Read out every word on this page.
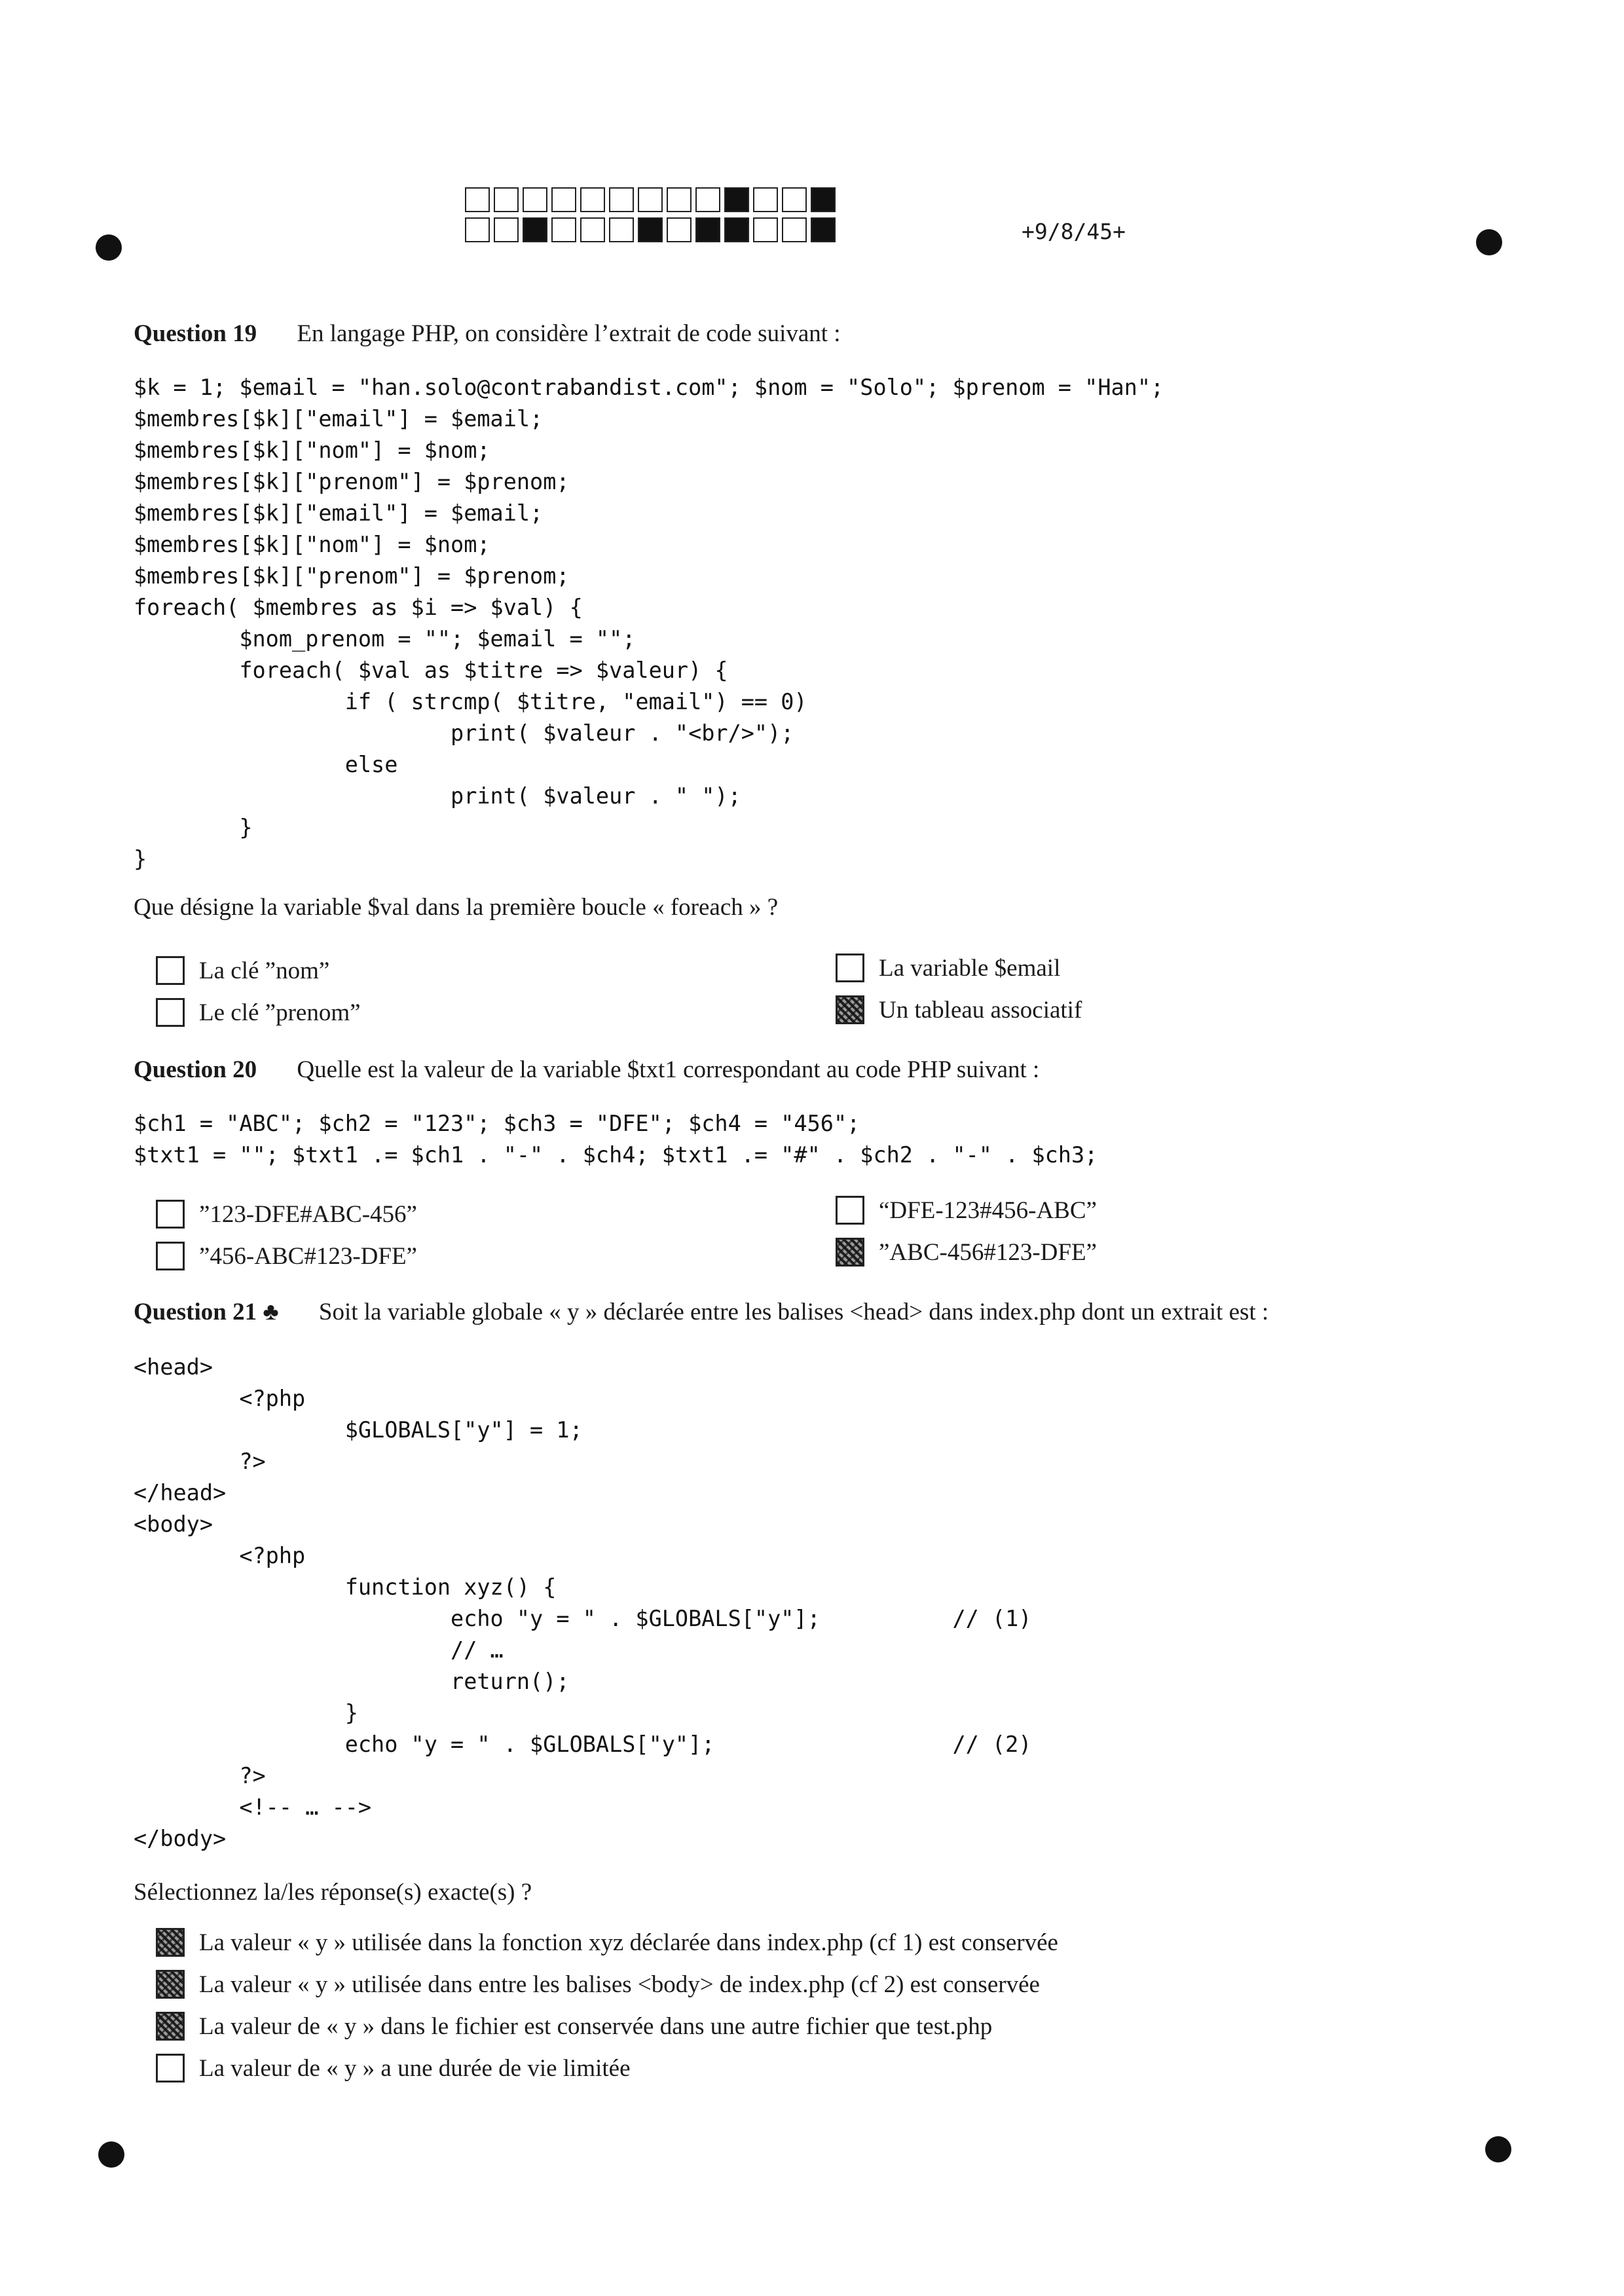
+9/8/45+
Question 19 En langage PHP, on considère l’extrait de code suivant :
$k = 1; $email = "han.solo@contrabandist.com"; $nom = "Solo"; $prenom = "Han";
$membres[$k]["email"] = $email;
$membres[$k]["nom"] = $nom;
$membres[$k]["prenom"] = $prenom;
$membres[$k]["email"] = $email;
$membres[$k]["nom"] = $nom;
$membres[$k]["prenom"] = $prenom;
foreach( $membres as $i => $val) {
$nom_prenom = ""; $email = "";
foreach( $val as $titre => $valeur) {
if ( strcmp( $titre, "email") == 0)
print( $valeur . "<br/>");
else
print( $valeur . " ");
}
}
Que désigne la variable $val dans la première boucle « foreach » ?
La clé ”nom”
Le clé ”prenom”
La variable $email
Un tableau associatif
Question 20 Quelle est la valeur de la variable $txt1 correspondant au code PHP suivant :
$ch1 = "ABC"; $ch2 = "123"; $ch3 = "DFE"; $ch4 = "456";
$txt1 = ""; $txt1 .= $ch1 . "-" . $ch4; $txt1 .= "#" . $ch2 . "-" . $ch3;
”123-DFE#ABC-456”
”456-ABC#123-DFE”
“DFE-123#456-ABC”
”ABC-456#123-DFE”
Question 21 ♣ Soit la variable globale « y » déclarée entre les balises <head> dans index.php dont un extrait est :
<head>
<?php
$GLOBALS["y"] = 1;
?>
</head>
<body>
<?php
function xyz() {
echo "y = " . $GLOBALS["y"];          // (1)
// …
return();
}
echo "y = " . $GLOBALS["y"];                  // (2)
?>
<!-- … -->
</body>
Sélectionnez la/les réponse(s) exacte(s) ?
La valeur « y » utilisée dans la fonction xyz déclarée dans index.php (cf 1) est conservée
La valeur « y » utilisée dans entre les balises <body> de index.php (cf 2) est conservée
La valeur de « y » dans le fichier est conservée dans une autre fichier que test.php
La valeur de « y » a une durée de vie limitée
